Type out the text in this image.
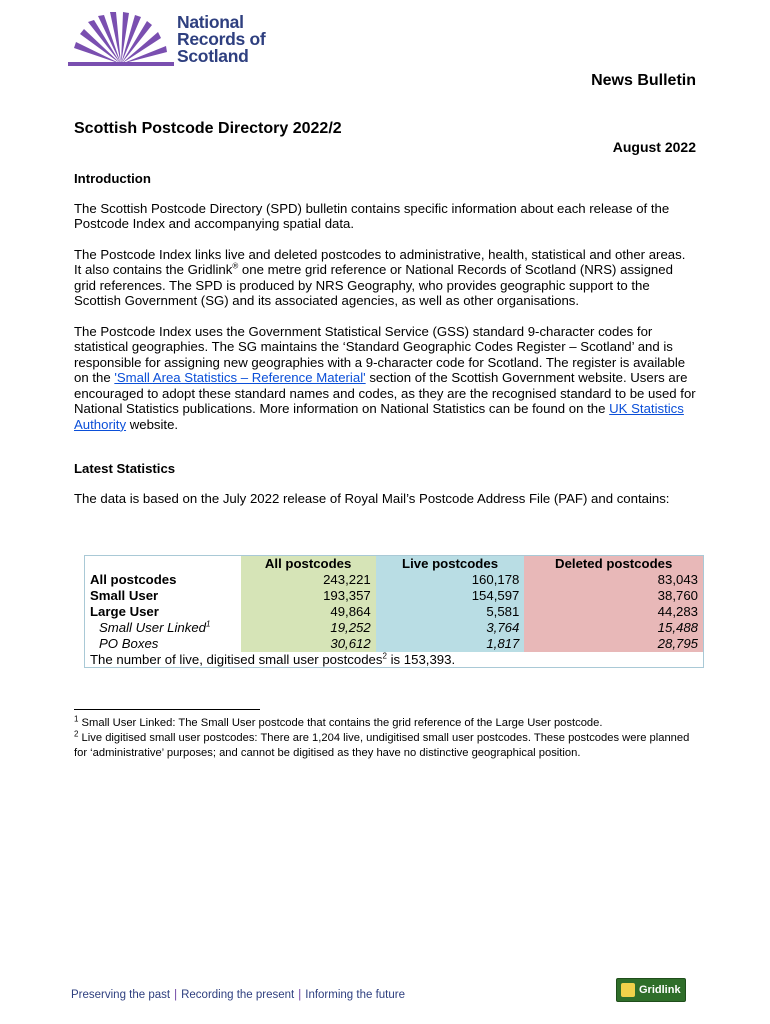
National
Records of
Scotland
News Bulletin
Scottish Postcode Directory 2022/2
August 2022
Introduction

The Scottish Postcode Directory (SPD) bulletin contains specific information about each release of the Postcode Index and accompanying spatial data.

The Postcode Index links live and deleted postcodes to administrative, health, statistical and other areas. It also contains the Gridlink® one metre grid reference or National Records of Scotland (NRS) assigned grid references. The SPD is produced by NRS Geography, who provides geographic support to the Scottish Government (SG) and its associated agencies, as well as other organisations.

The Postcode Index uses the Government Statistical Service (GSS) standard 9-character codes for statistical geographies. The SG maintains the ‘Standard Geographic Codes Register – Scotland’ and is responsible for assigning new geographies with a 9-character code for Scotland. The register is available on the 'Small Area Statistics – Reference Material' section of the Scottish Government website. Users are encouraged to adopt these standard names and codes, as they are the recognised standard to be used for National Statistics publications. More information on National Statistics can be found on the UK Statistics Authority website.

Latest Statistics

The data is based on the July 2022 release of Royal Mail’s Postcode Address File (PAF) and contains:

	All postcodes	Live postcodes	Deleted postcodes
All postcodes	243,221	160,178	83,043
Small User	193,357	154,597	38,760
Large User	49,864	5,581	44,283
Small User Linked$^1$	19,252	3,764	15,488
PO Boxes	30,612	1,817	28,795
The number of live, digitised small user postcodes$^2$ is 153,393.			
$^1$ Small User Linked: The Small User postcode that contains the grid reference of the Large User postcode.
$^2$ Live digitised small user postcodes: There are 1,204 live, undigitised small user postcodes. These postcodes were planned for ‘administrative’ purposes; and cannot be digitised as they have no distinctive geographical position.
Preserving the past | Recording the present | Informing the future	Gridlink
